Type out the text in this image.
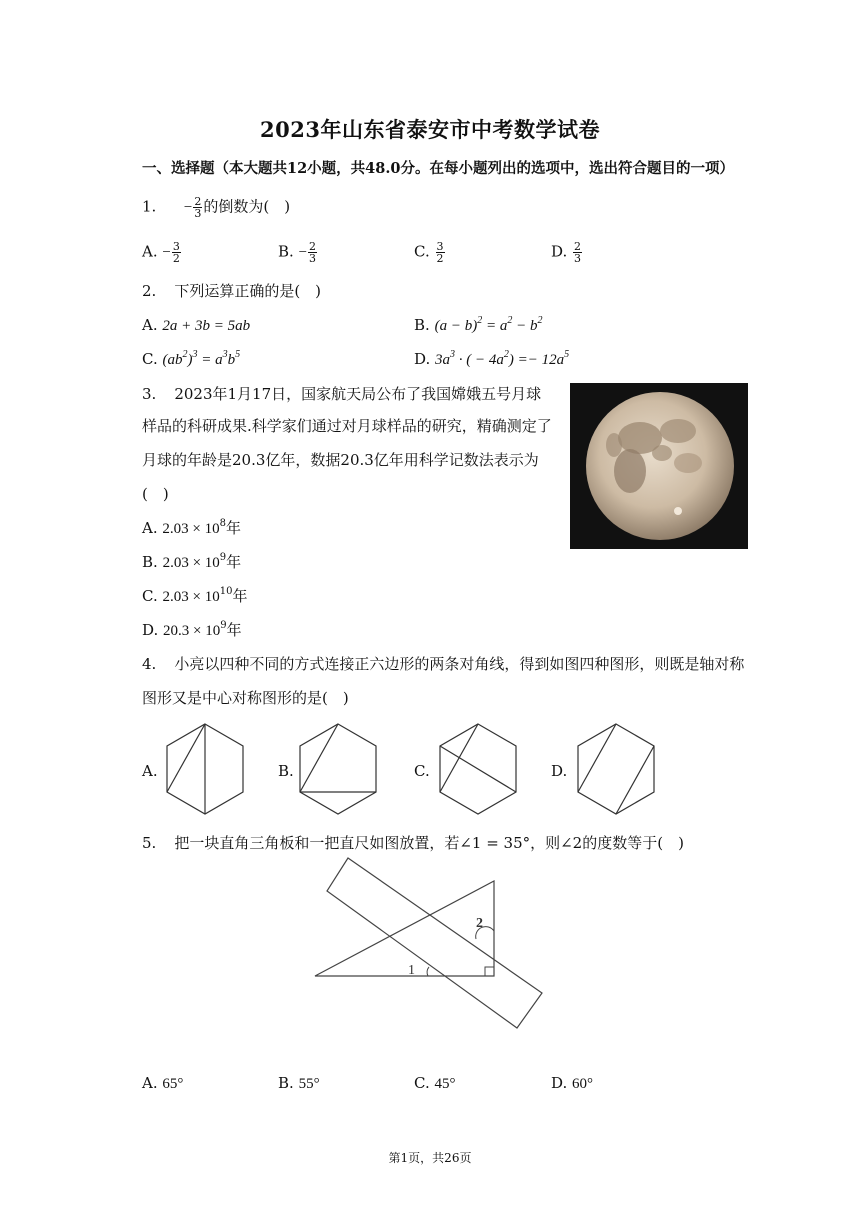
2023年山东省泰安市中考数学试卷
一、选择题（本大题共12小题，共48.0分。在每小题列出的选项中，选出符合题目的一项）
1. − $\frac{2}{3}$ 的倒数为(　)
A. − $\frac{3}{2}$	B. − $\frac{2}{3}$	C. $\frac{3}{2}$	D. $\frac{2}{3}$
2. 下列运算正确的是(　)
A. 2a + 3b = 5ab	B. $(a - b)^2 = a^2 - b^2$
C. $(ab^2)^3 = a^3b^5$	D. $3a^3$ · ( − $4a^2) =- 12a^5$
3. 2023年1月17日，国家航天局公布了我国嫦娥五号月球
样品的科研成果.科学家们通过对月球样品的研究，精确测定了
月球的年龄是20.3亿年，数据20.3亿年用科学记数法表示为
(　)
A. $2.03 \times 10^8$年
B. $2.03 \times 10^9$年
C. $2.03 \times 10^{10}$年
D. $20.3 \times 10^9$年
4. 小亮以四种不同的方式连接正六边形的两条对角线，得到如图四种图形，则既是轴对称
图形又是中心对称图形的是(　)
A.	B.	C.	D.
5. 把一块直角三角板和一把直尺如图放置，若∠1 = 35°，则∠2的度数等于(　)
1
2
A. 65°	B. 55°	C. 45°	D. 60°
第1页，共26页
